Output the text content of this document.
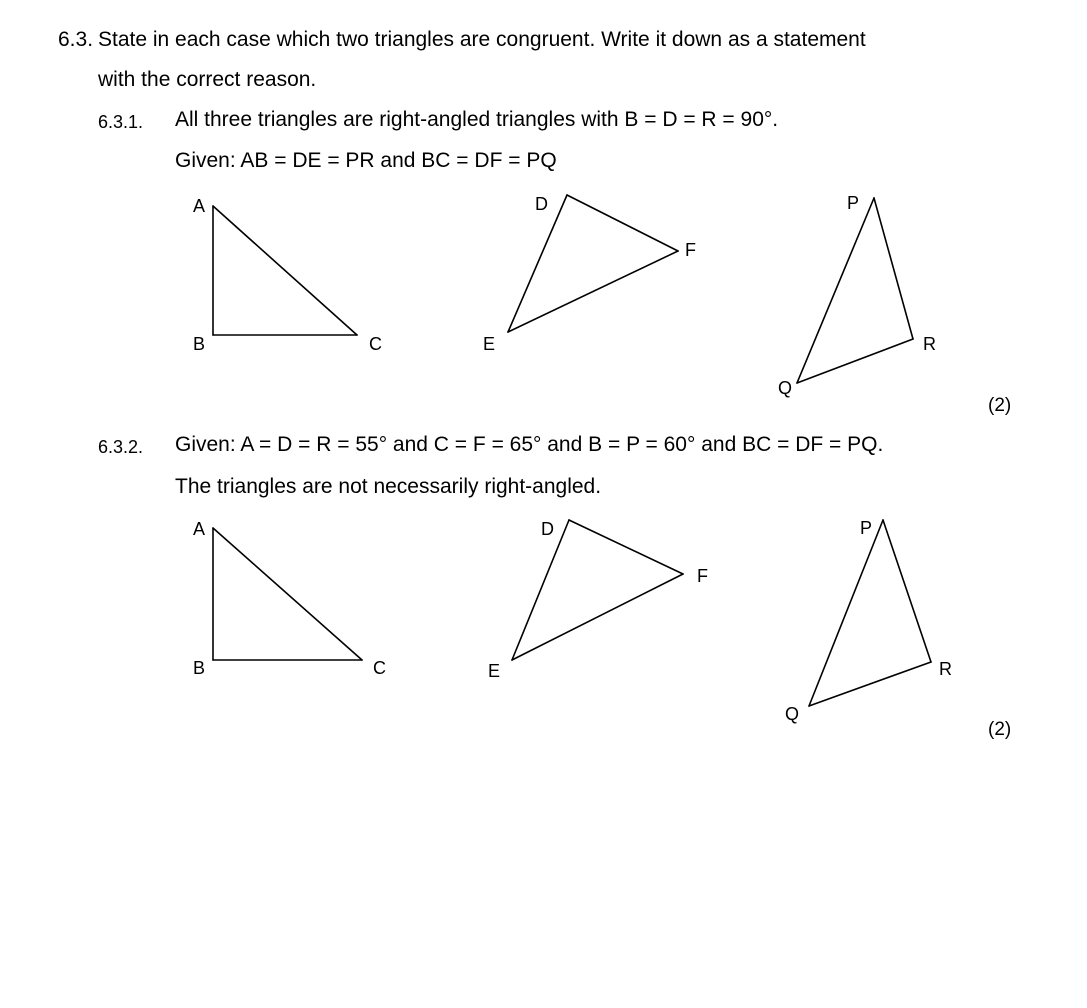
6.3. State in each case which two triangles are congruent. Write it down as a statement
with the correct reason.
6.3.1. All three triangles are right-angled triangles with B = D = R = 90°.
Given: AB = DE = PR and BC = DF = PQ
A
B	C
D
E
F
P
Q
R
(2)
6.3.2. Given: A = D = R = 55° and C = F = 65° and B = P = 60° and BC = DF = PQ.
The triangles are not necessarily right-angled.
A
B	C
D
E
F
P
Q
R
(2)
